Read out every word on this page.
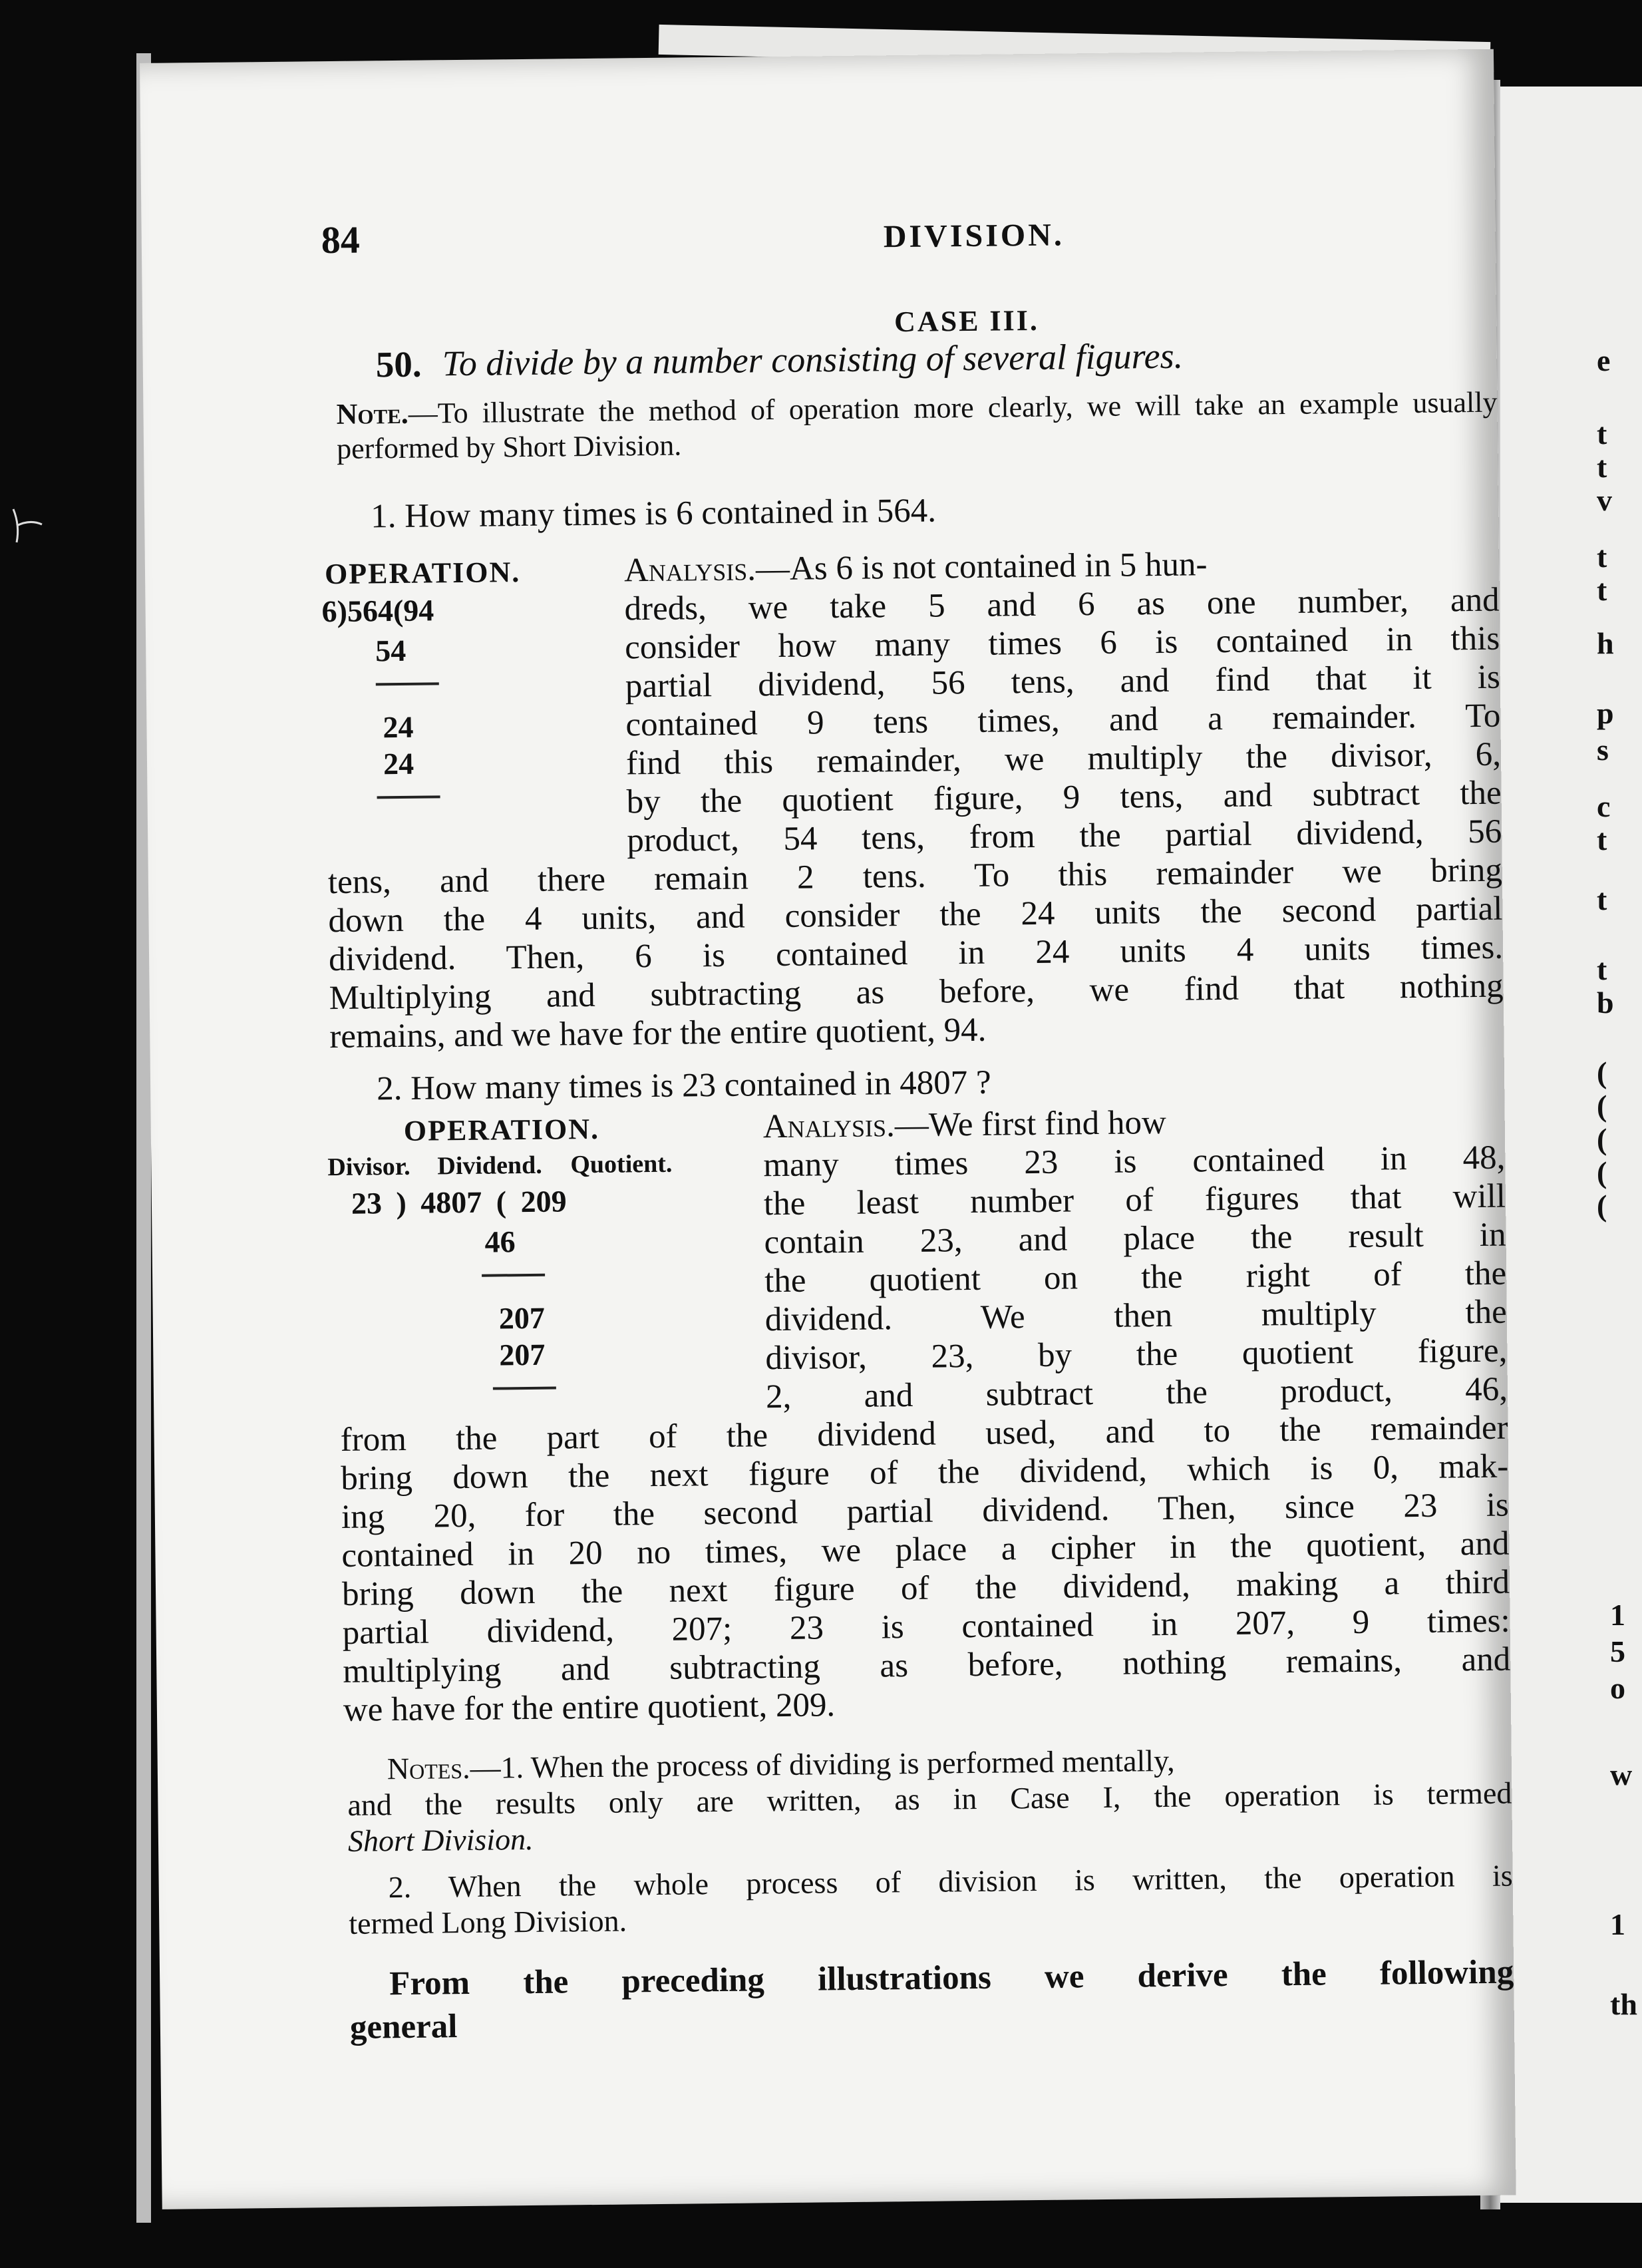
84	DIVISION.
CASE III.
50. To divide by a number consisting of several figures.
Note.—To illustrate the method of operation more clearly, we will take an example usually performed by Short Division.
1. How many times is 6 contained in 564.
OPERATION.
6)564(94
54
24
24
Analysis.—As 6 is not contained in 5 hun-
dreds, we take 5 and 6 as one number, and
consider how many times 6 is contained in this
partial dividend, 56 tens, and find that it is
contained 9 tens times, and a remainder. To
find this remainder, we multiply the divisor, 6,
by the quotient figure, 9 tens, and subtract the
product, 54 tens, from the partial dividend, 56
tens, and there remain 2 tens. To this remainder we bring
down the 4 units, and consider the 24 units the second partial
dividend. Then, 6 is contained in 24 units 4 units times.
Multiplying and subtracting as before, we find that nothing
remains, and we have for the entire quotient, 94.
2. How many times is 23 contained in 4807 ?
OPERATION.
Divisor. Dividend. Quotient.
23 ) 4807 ( 209
46
207
207
Analysis.—We first find how
many times 23 is contained in 48,
the least number of figures that will
contain 23, and place the result in
the quotient on the right of the
dividend. We then multiply the
divisor, 23, by the quotient figure,
2, and subtract the product, 46,
from the part of the dividend used, and to the remainder
bring down the next figure of the dividend, which is 0, mak-
ing 20, for the second partial dividend. Then, since 23 is
contained in 20 no times, we place a cipher in the quotient, and
bring down the next figure of the dividend, making a third
partial dividend, 207; 23 is contained in 207, 9 times:
multiplying and subtracting as before, nothing remains, and
we have for the entire quotient, 209.
Notes.—1. When the process of dividing is performed mentally,
and the results only are written, as in Case I, the operation is termed
Short Division.
2. When the whole process of division is written, the operation is
termed Long Division.
From the preceding illustrations we derive the following
general
e
t
t
v
t
t
h
p
s
c
t
t
t
b
(
(
(
(
(
1
5
o
w
1
th
